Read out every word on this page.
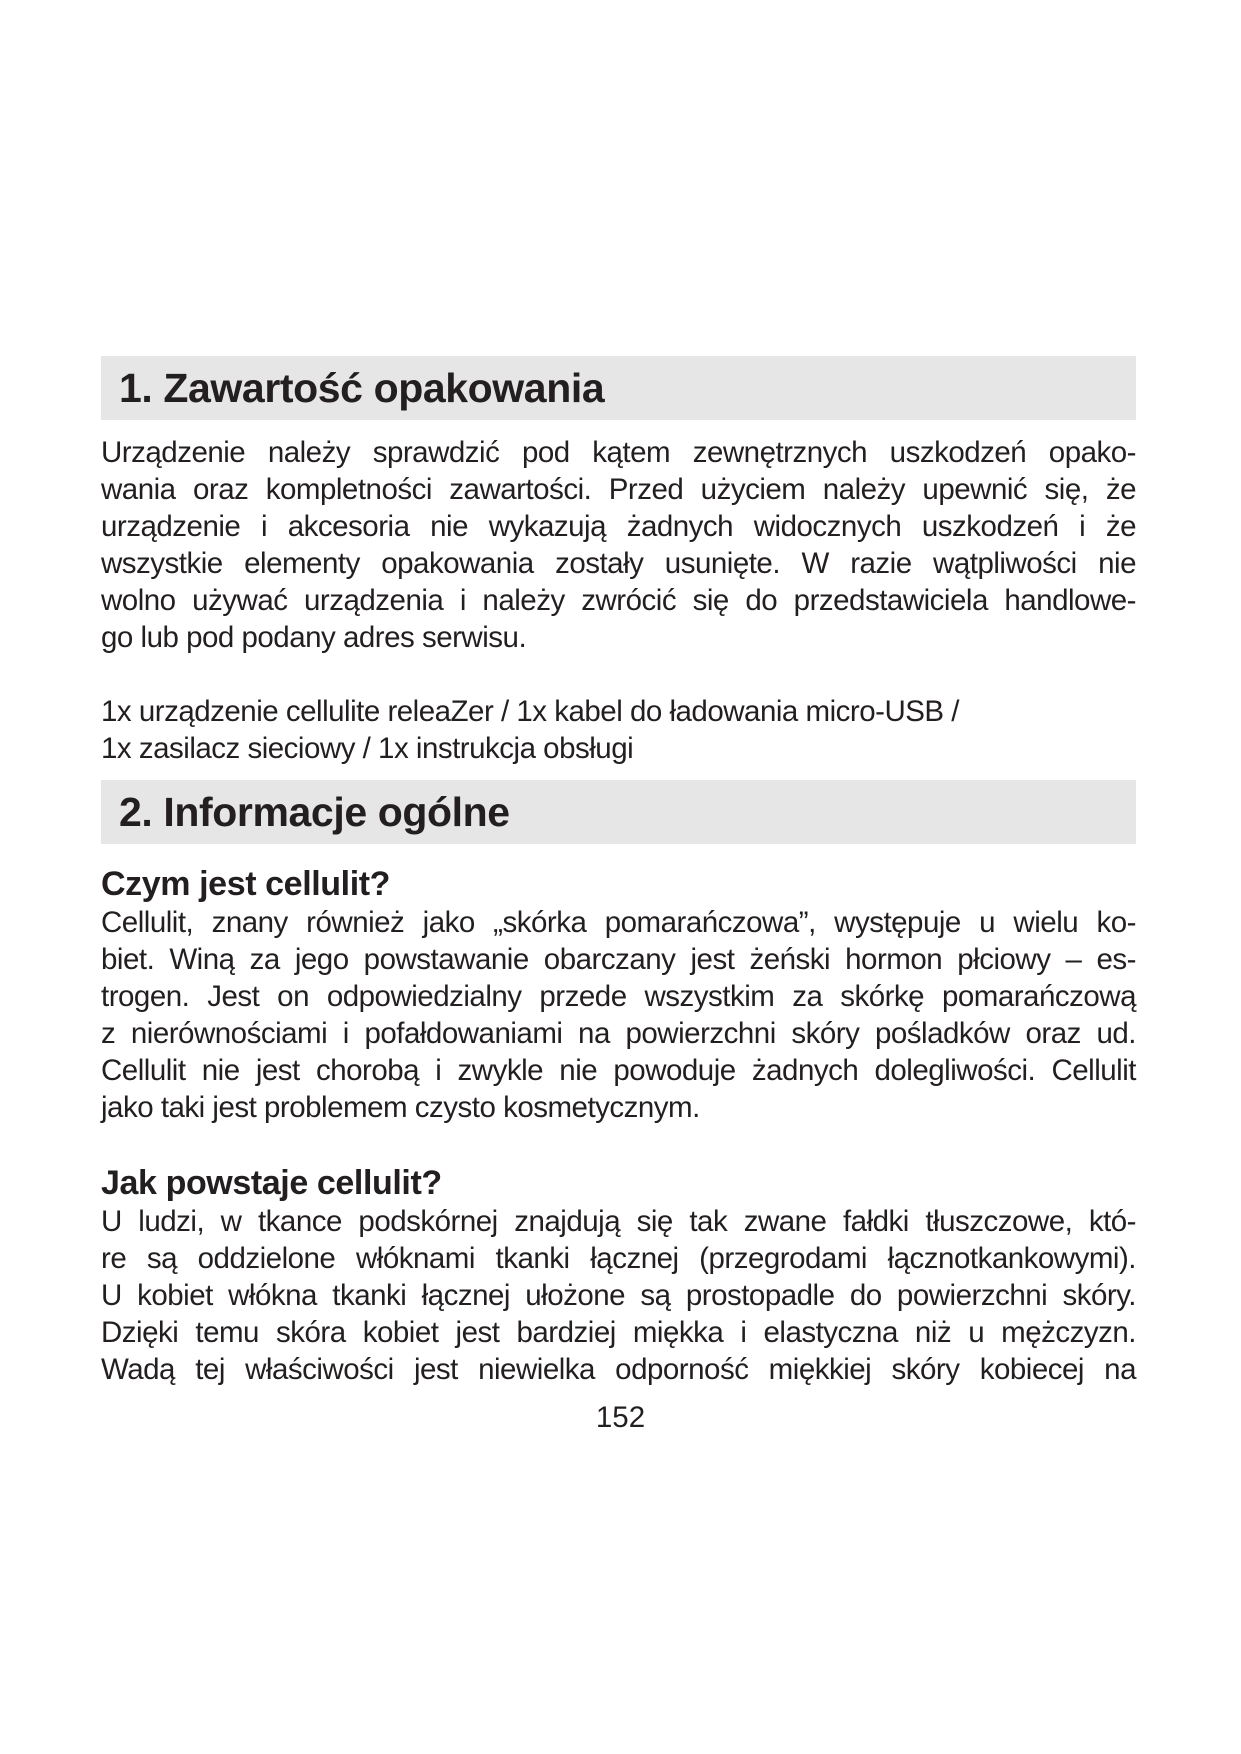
1. Zawartość opakowania

Urządzenie należy sprawdzić pod kątem zewnętrznych uszkodzeń opako-
wania oraz kompletności zawartości. Przed użyciem należy upewnić się, że
urządzenie i akcesoria nie wykazują żadnych widocznych uszkodzeń i że
wszystkie elementy opakowania zostały usunięte. W razie wątpliwości nie
wolno używać urządzenia i należy zwrócić się do przedstawiciela handlowe-
go lub pod podany adres serwisu.

1x urządzenie cellulite releaZer / 1x kabel do ładowania micro-USB /
1x zasilacz sieciowy / 1x instrukcja obsługi

2. Informacje ogólne
Czym jest cellulit?

Cellulit, znany również jako „skórka pomarańczowa”, występuje u wielu ko-
biet. Winą za jego powstawanie obarczany jest żeński hormon płciowy – es-
trogen. Jest on odpowiedzialny przede wszystkim za skórkę pomarańczową
z nierównościami i pofałdowaniami na powierzchni skóry pośladków oraz ud.
Cellulit nie jest chorobą i zwykle nie powoduje żadnych dolegliwości. Cellulit
jako taki jest problemem czysto kosmetycznym.

Jak powstaje cellulit?

U ludzi, w tkance podskórnej znajdują się tak zwane fałdki tłuszczowe, któ-
re są oddzielone włóknami tkanki łącznej (przegrodami łącznotkankowymi).
U kobiet włókna tkanki łącznej ułożone są prostopadle do powierzchni skóry.
Dzięki temu skóra kobiet jest bardziej miękka i elastyczna niż u mężczyzn.
Wadą tej właściwości jest niewielka odporność miękkiej skóry kobiecej na

152
